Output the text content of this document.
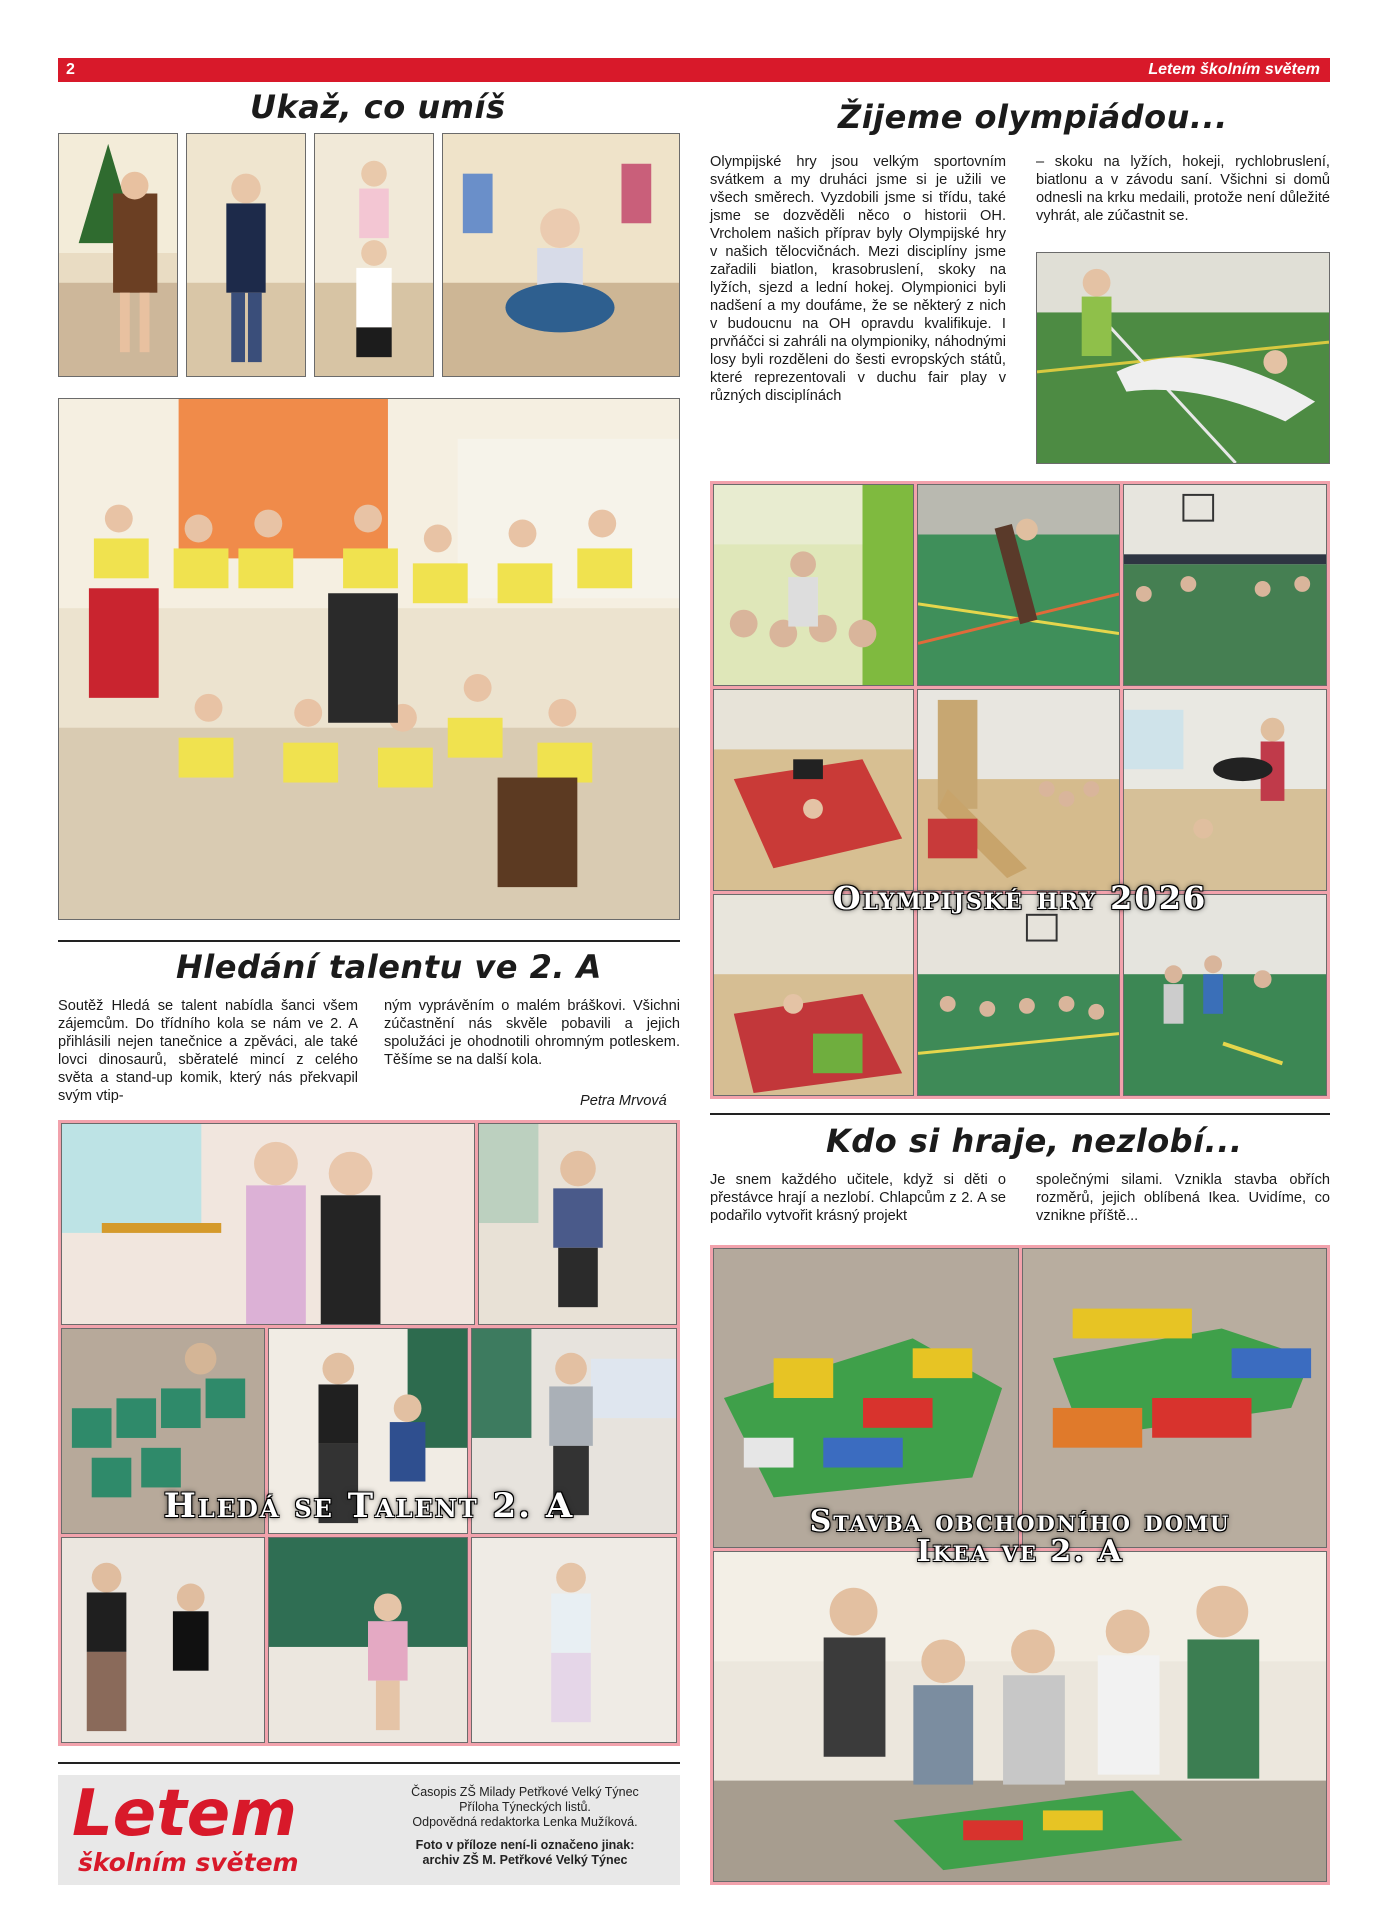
2	Letem školním světem
Ukaž, co umíš
Hledání talentu ve 2. A
Soutěž Hledá se talent nabídla šanci všem zájemcům. Do třídního kola se nám ve 2. A přihlásili nejen tanečnice a zpěváci, ale také lovci dinosaurů, sběratelé mincí z celého světa a stand-up komik, který nás překvapil svým vtip-
ným vyprávěním o malém bráškovi. Všichni zúčastnění nás skvěle pobavili a jejich spolužáci je ohodnotili ohromným potleskem. Těšíme se na další kola.
Petra Mrvová
Hledá se Talent 2. A
Letem
školním světem
Časopis ZŠ Milady Petřkové Velký Týnec
Příloha Týneckých listů.
Odpovědná redaktorka Lenka Mužíková.
Foto v příloze není-li označeno jinak:
archiv ZŠ M. Petřkové Velký Týnec
Žijeme olympiádou...
Olympijské hry jsou velkým sportovním svátkem a my druháci jsme si je užili ve všech směrech. Vyzdobili jsme si třídu, také jsme se dozvěděli něco o historii OH. Vrcholem našich příprav byly Olympijské hry v našich tělocvičnách. Mezi disciplíny jsme zařadili biatlon, krasobruslení, skoky na lyžích, sjezd a lední hokej. Olympionici byli nadšení a my doufáme, že se některý z nich v budoucnu na OH opravdu kvalifikuje. I prvňáčci si zahráli na olympioniky, náhodnými losy byli rozděleni do šesti evropských států, které reprezentovali v duchu fair play v různých disciplínách
– skoku na lyžích, hokeji, rychlobruslení, biatlonu a v závodu saní. Všichni si domů odnesli na krku medaili, protože není důležité vyhrát, ale zúčastnit se.
Olympijské hry 2026
Kdo si hraje, nezlobí...
Je snem každého učitele, když si děti o přestávce hrají a nezlobí. Chlapcům z 2. A se podařilo vytvořit krásný projekt
společnými silami. Vznikla stavba obřích rozměrů, jejich oblíbená Ikea. Uvidíme, co vznikne příště...
Stavba obchodního domu
Ikea ve 2. A
